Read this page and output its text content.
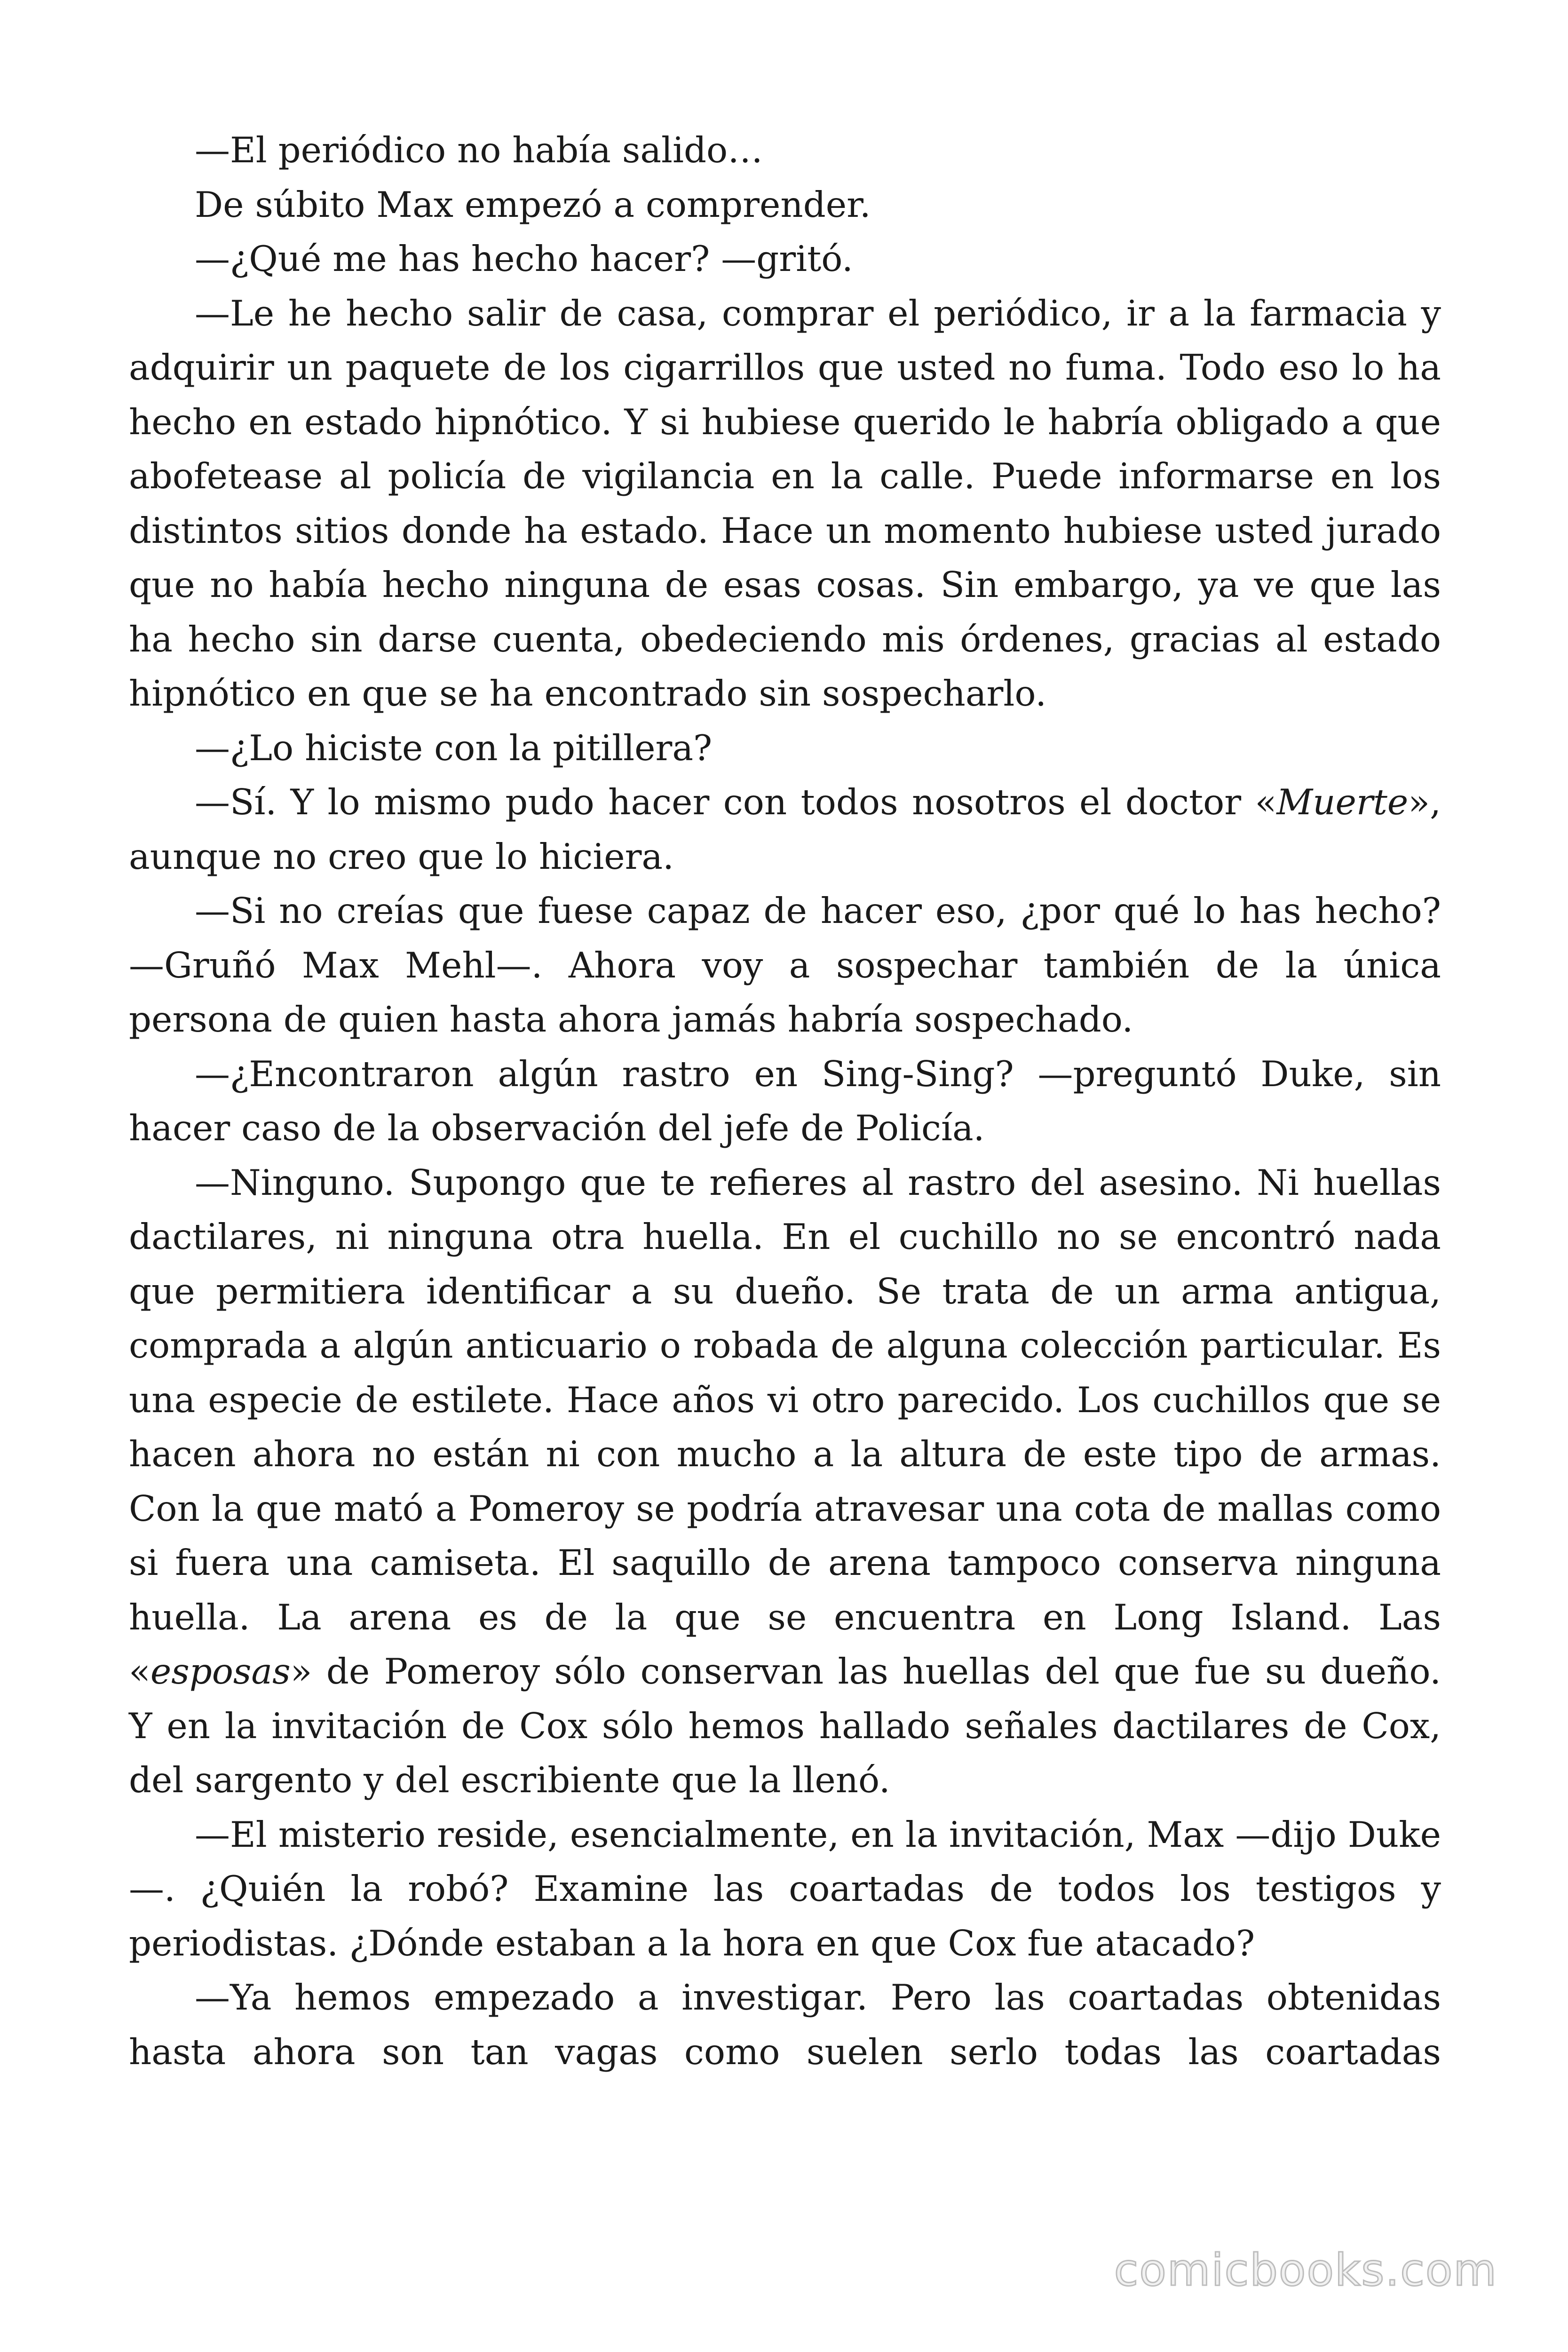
—El periódico no había salido…

De súbito Max empezó a comprender.

—¿Qué me has hecho hacer? —gritó.

—Le he hecho salir de casa, comprar el periódico, ir a la farmacia y adquirir un paquete de los cigarrillos que usted no fuma. Todo eso lo ha hecho en estado hipnótico. Y si hubiese querido le habría obligado a que abofetease al policía de vigilancia en la calle. Puede informarse en los distintos sitios donde ha estado. Hace un momento hubiese usted jurado que no había hecho ninguna de esas cosas. Sin embargo, ya ve que las ha hecho sin darse cuenta, obedeciendo mis órdenes, gracias al estado hipnótico en que se ha encontrado sin sospecharlo.

—¿Lo hiciste con la pitillera?

—Sí. Y lo mismo pudo hacer con todos nosotros el doctor «Muerte», aunque no creo que lo hiciera.

—Si no creías que fuese capaz de hacer eso, ¿por qué lo has hecho? —Gruñó Max Mehl—. Ahora voy a sospechar también de la única persona de quien hasta ahora jamás habría sospechado.

—¿Encontraron algún rastro en Sing-Sing? —preguntó Duke, sin hacer caso de la observación del jefe de Policía.

—Ninguno. Supongo que te refieres al rastro del asesino. Ni huellas dactilares, ni ninguna otra huella. En el cuchillo no se encontró nada que permitiera identificar a su dueño. Se trata de un arma antigua, comprada a algún anticuario o robada de alguna colección particular. Es una especie de estilete. Hace años vi otro parecido. Los cuchillos que se hacen ahora no están ni con mucho a la altura de este tipo de armas. Con la que mató a Pomeroy se podría atravesar una cota de mallas como si fuera una camiseta. El saquillo de arena tampoco conserva ninguna huella. La arena es de la que se encuentra en Long Island. Las «esposas» de Pomeroy sólo conservan las huellas del que fue su dueño. Y en la invitación de Cox sólo hemos hallado señales dactilares de Cox, del sargento y del escribiente que la llenó.

—El misterio reside, esencialmente, en la invitación, Max —dijo Duke—. ¿Quién la robó? Examine las coartadas de todos los testigos y periodistas. ¿Dónde estaban a la hora en que Cox fue atacado?

—Ya hemos empezado a investigar. Pero las coartadas obtenidas hasta ahora son tan vagas como suelen serlo todas las coartadas

comicbooks.com
